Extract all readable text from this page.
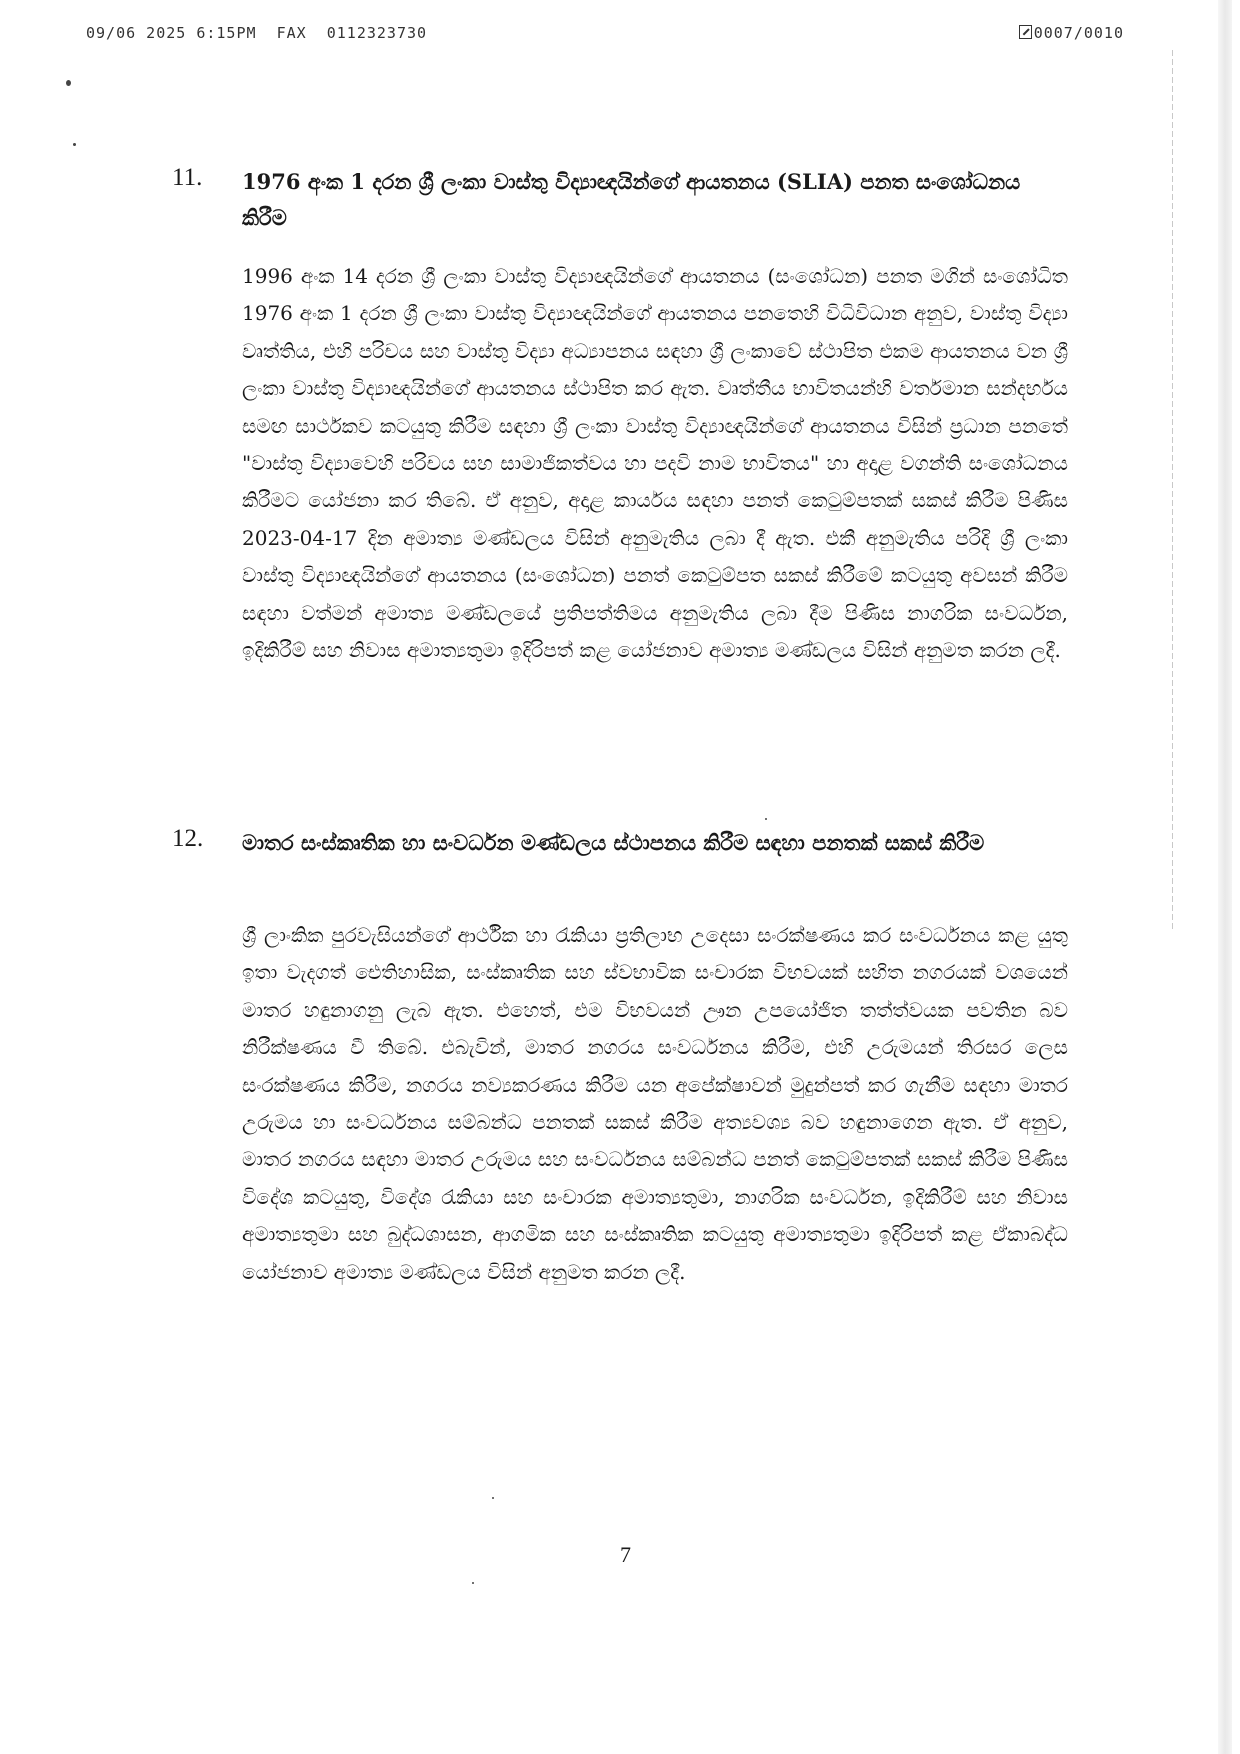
09/06 2025 6:15PM  FAX  0112323730	0007/0010
11. 1976 අංක 1 දරන ශ්‍රී ලංකා වාස්තු විද්‍යාඥයින්ගේ ආයතනය (SLIA) පනත සංශෝධනය කිරීම
1996 අංක 14 දරන ශ්‍රී ලංකා වාස්තු විද්‍යාඥයින්ගේ ආයතනය (සංශෝධන) පනත මගින් සංශෝධිත 1976 අංක 1 දරන ශ්‍රී ලංකා වාස්තු විද්‍යාඥයින්ගේ ආයතනය පනතෙහි විධිවිධාන අනුව, වාස්තු විද්‍යා වෘත්තිය, එහි පරිචය සහ වාස්තු විද්‍යා අධ්‍යාපනය සඳහා ශ්‍රී ලංකාවේ ස්ථාපිත එකම ආයතනය වන ශ්‍රී ලංකා වාස්තු විද්‍යාඥයින්ගේ ආයතනය ස්ථාපිත කර ඇත. වෘත්තීය භාවිතයන්හි වර්තමාන සන්දර්භය සමඟ සාර්ථකව කටයුතු කිරීම සඳහා ශ්‍රී ලංකා වාස්තු විද්‍යාඥයින්ගේ ආයතනය විසින් ප්‍රධාන පනතේ "වාස්තු විද්‍යාවෙහි පරිචය සහ සාමාජිකත්වය හා පදවි නාම භාවිතය" හා අදාළ වගන්ති සංශෝධනය කිරීමට යෝජනා කර තිබේ. ඒ අනුව, අදාළ කාර්යය සඳහා පනත් කෙටුම්පතක් සකස් කිරීම පිණිස 2023-04-17 දින අමාත්‍ය මණ්ඩලය විසින් අනුමැතිය ලබා දී ඇත. එකී අනුමැතිය පරිදි ශ්‍රී ලංකා වාස්තු විද්‍යාඥයින්ගේ ආයතනය (සංශෝධන) පනත් කෙටුම්පත සකස් කිරීමේ කටයුතු අවසන් කිරීම සඳහා වත්මන් අමාත්‍ය මණ්ඩලයේ ප්‍රතිපත්තිමය අනුමැතිය ලබා දීම පිණිස නාගරික සංවර්ධන, ඉදිකිරීම් සහ නිවාස අමාත්‍යතුමා ඉදිරිපත් කළ යෝජනාව අමාත්‍ය මණ්ඩලය විසින් අනුමත කරන ලදී.
12. මාතර සංස්කෘතික හා සංවර්ධන මණ්ඩලය ස්ථාපනය කිරීම සඳහා පනතක් සකස් කිරීම
ශ්‍රී ලාංකික පුරවැසියන්ගේ ආර්ථික හා රැකියා ප්‍රතිලාභ උදෙසා සංරක්ෂණය කර සංවර්ධනය කළ යුතු ඉතා වැදගත් ඓතිහාසික, සංස්කෘතික සහ ස්වභාවික සංචාරක විභවයක් සහිත නගරයක් වශයෙන් මාතර හඳුනාගනු ලැබ ඇත. එහෙත්, එම විභවයන් ඌන උපයෝජිත තත්ත්වයක පවතින බව නිරීක්ෂණය වී තිබේ. එබැවින්, මාතර නගරය සංවර්ධනය කිරීම, එහි උරුමයන් තිරසර ලෙස සංරක්ෂණය කිරීම, නගරය නව්‍යකරණය කිරීම යන අපේක්ෂාවන් මුදුන්පත් කර ගැනීම සඳහා මාතර උරුමය හා සංවර්ධනය සම්බන්ධ පනතක් සකස් කිරීම අත්‍යවශ්‍ය බව හඳුනාගෙන ඇත. ඒ අනුව, මාතර නගරය සඳහා මාතර උරුමය සහ සංවර්ධනය සම්බන්ධ පනත් කෙටුම්පතක් සකස් කිරීම පිණිස විදේශ කටයුතු, විදේශ රැකියා සහ සංචාරක අමාත්‍යතුමා, නාගරික සංවර්ධන, ඉදිකිරීම් සහ නිවාස අමාත්‍යතුමා සහ බුද්ධශාසන, ආගමික සහ සංස්කෘතික කටයුතු අමාත්‍යතුමා ඉදිරිපත් කළ ඒකාබද්ධ යෝජනාව අමාත්‍ය මණ්ඩලය විසින් අනුමත කරන ලදී.
7
